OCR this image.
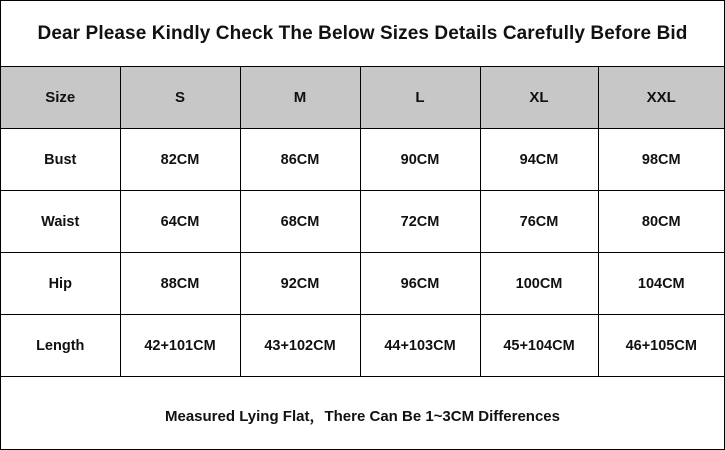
Dear Please Kindly Check The Below Sizes Details Carefully Before Bid
Size	S	M	L	XL	XXL
Bust	82CM	86CM	90CM	94CM	98CM
Waist	64CM	68CM	72CM	76CM	80CM
Hip	88CM	92CM	96CM	100CM	104CM
Length	42+101CM	43+102CM	44+103CM	45+104CM	46+105CM
Measured Lying Flat，There Can Be 1~3CM Differences
